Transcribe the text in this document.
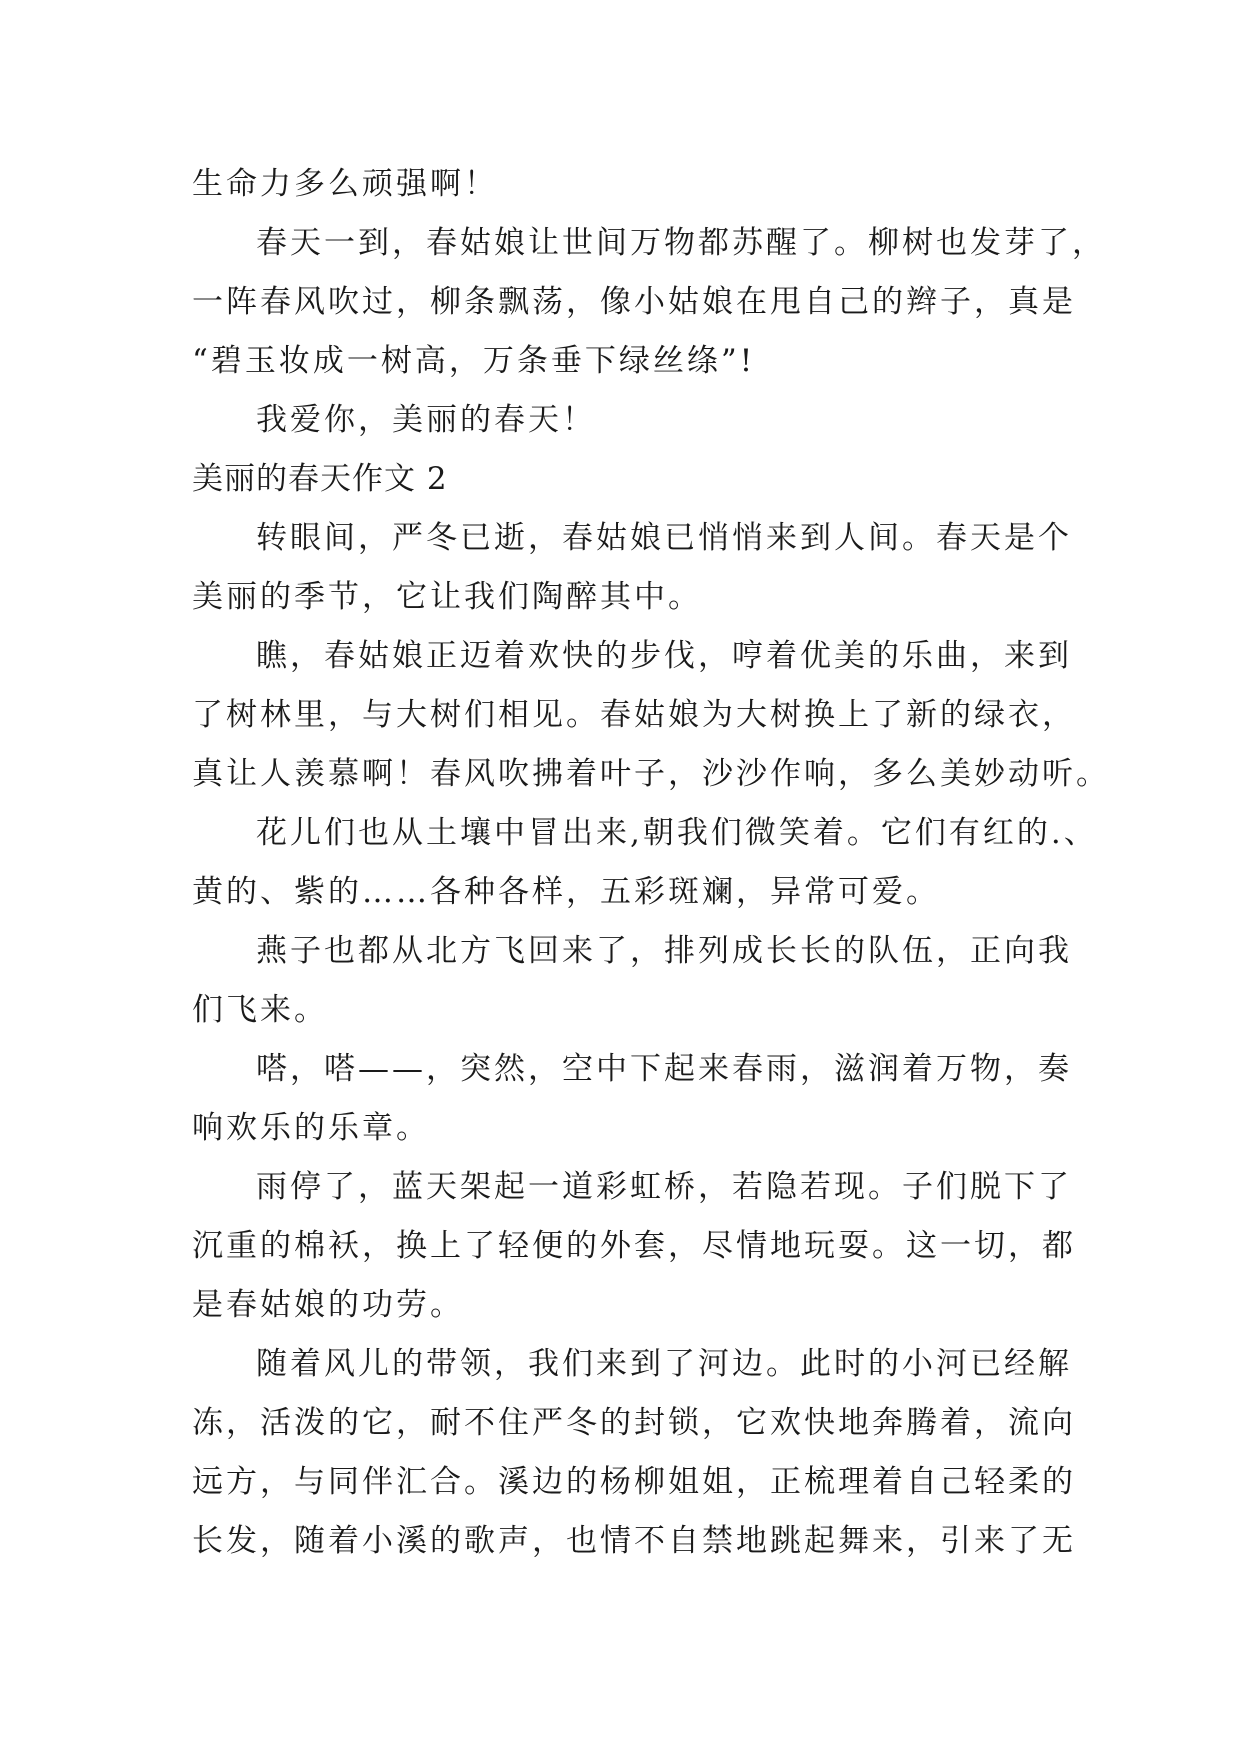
生命力多么顽强啊！
春天一到，春姑娘让世间万物都苏醒了。柳树也发芽了，
一阵春风吹过，柳条飘荡，像小姑娘在甩自己的辫子，真是
“碧玉妆成一树高，万条垂下绿丝绦”!
我爱你，美丽的春天！
美丽的春天作文 2
转眼间，严冬已逝，春姑娘已悄悄来到人间。春天是个
美丽的季节，它让我们陶醉其中。
瞧，春姑娘正迈着欢快的步伐，哼着优美的乐曲，来到
了树林里，与大树们相见。春姑娘为大树换上了新的绿衣，
真让人羡慕啊！春风吹拂着叶子，沙沙作响，多么美妙动听。
花儿们也从土壤中冒出来,朝我们微笑着。它们有红的.、
黄的、紫的……各种各样，五彩斑斓，异常可爱。
燕子也都从北方飞回来了，排列成长长的队伍，正向我
们飞来。
嗒，嗒——，突然，空中下起来春雨，滋润着万物，奏
响欢乐的乐章。
雨停了，蓝天架起一道彩虹桥，若隐若现。子们脱下了
沉重的棉袄，换上了轻便的外套，尽情地玩耍。这一切，都
是春姑娘的功劳。
随着风儿的带领，我们来到了河边。此时的小河已经解
冻，活泼的它，耐不住严冬的封锁，它欢快地奔腾着，流向
远方，与同伴汇合。溪边的杨柳姐姐，正梳理着自己轻柔的
长发，随着小溪的歌声，也情不自禁地跳起舞来，引来了无
